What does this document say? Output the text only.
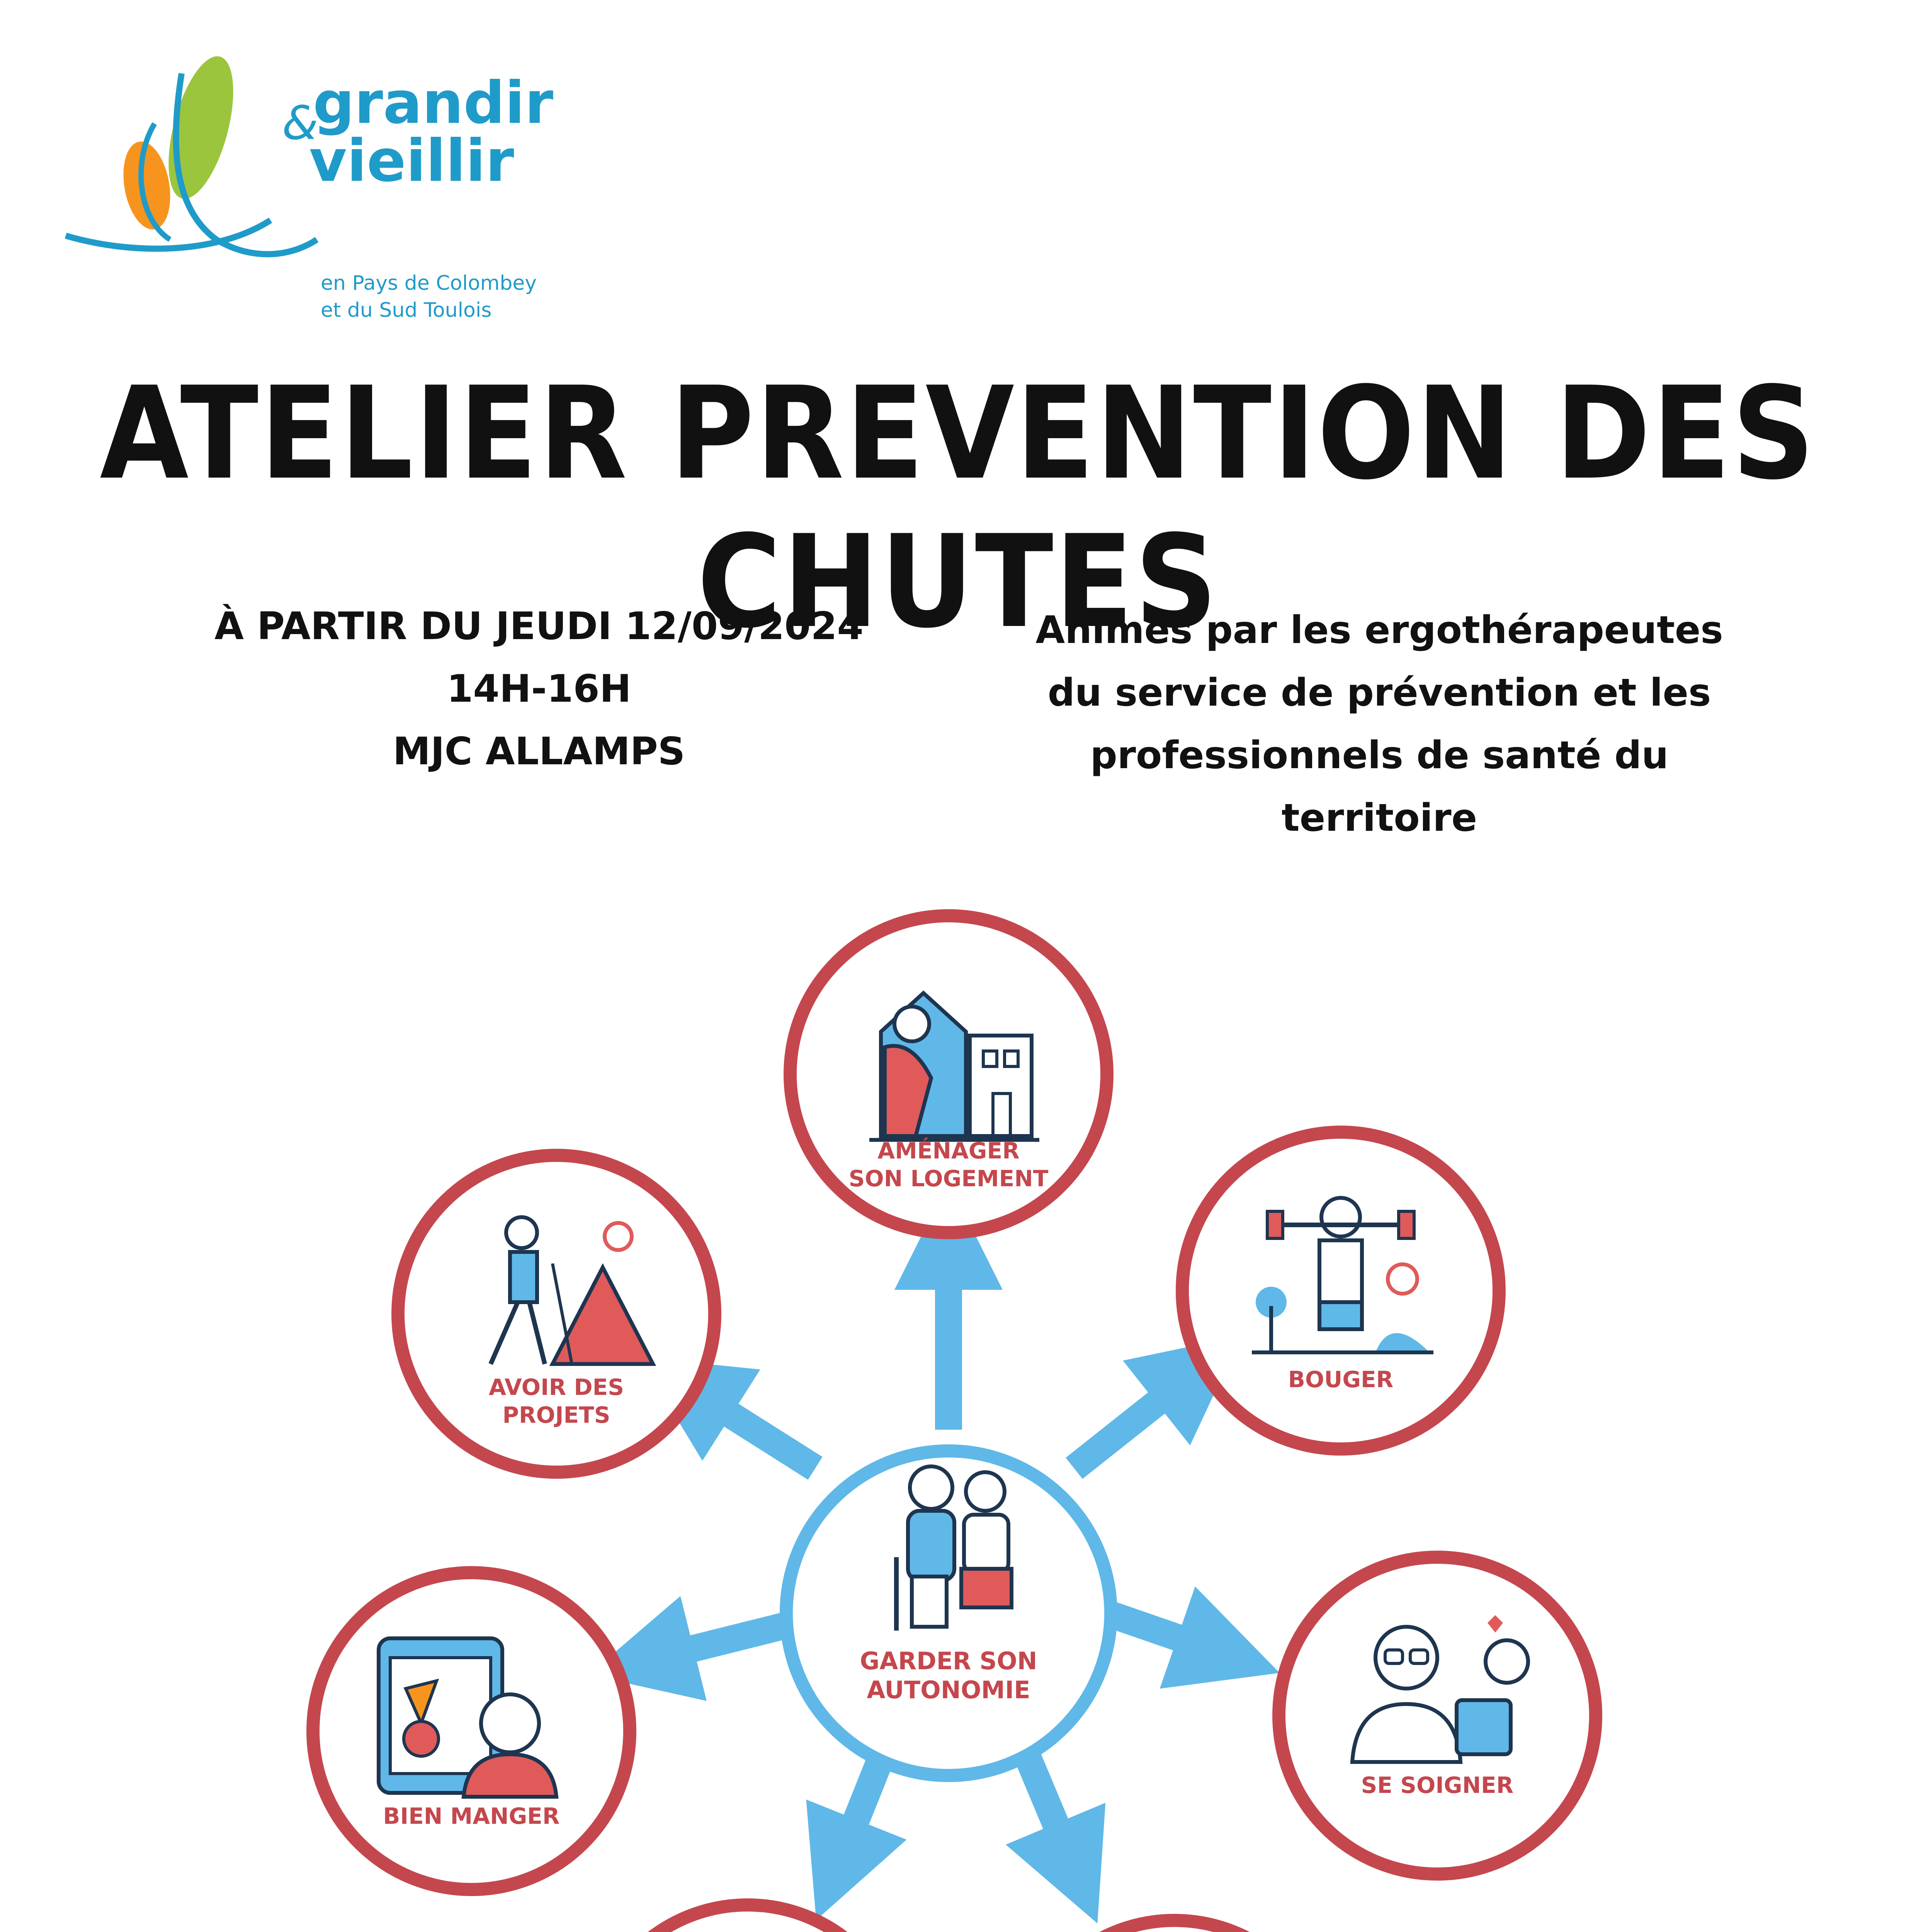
&
grandir
vieillir
en Pays de Colombey
et du Sud Toulois
ATELIER PREVENTION DES CHUTES
À PARTIR DU JEUDI 12/09/2024
14H-16H
MJC ALLAMPS
Animés par les ergothérapeutes
du service de prévention et les
professionnels de santé du
territoire
GARDER SON
AUTONOMIE
AMÉNAGER
SON LOGEMENT
BOUGER
SE SOIGNER
BIEN MANGER
AVOIR DES
PROJETS
